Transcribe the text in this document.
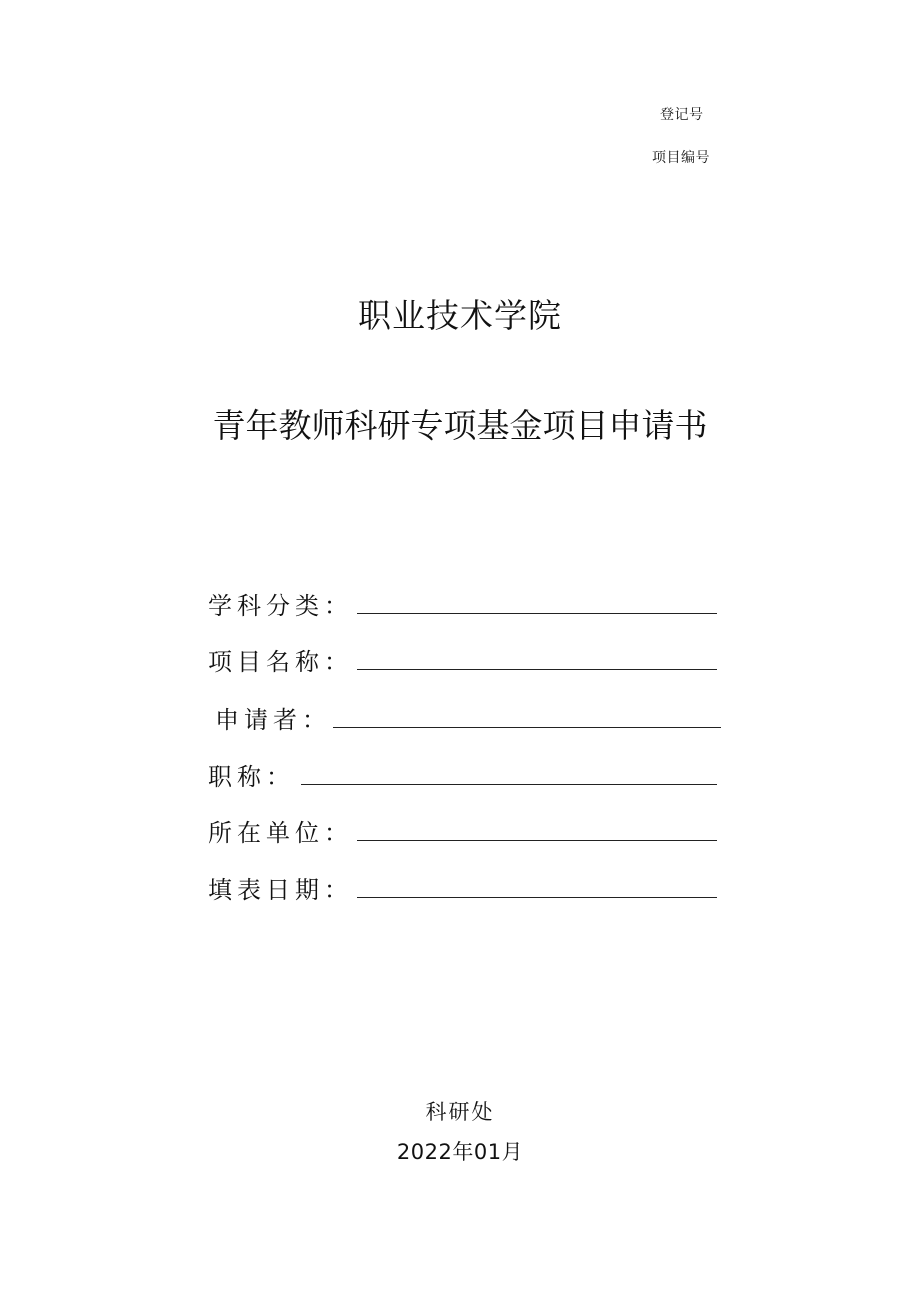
登记号
项目编号
职业技术学院
青年教师科研专项基金项目申请书
学科分类：
项目名称：
申请者：
职称：
所在单位：
填表日期：
科研处
2022年01月
